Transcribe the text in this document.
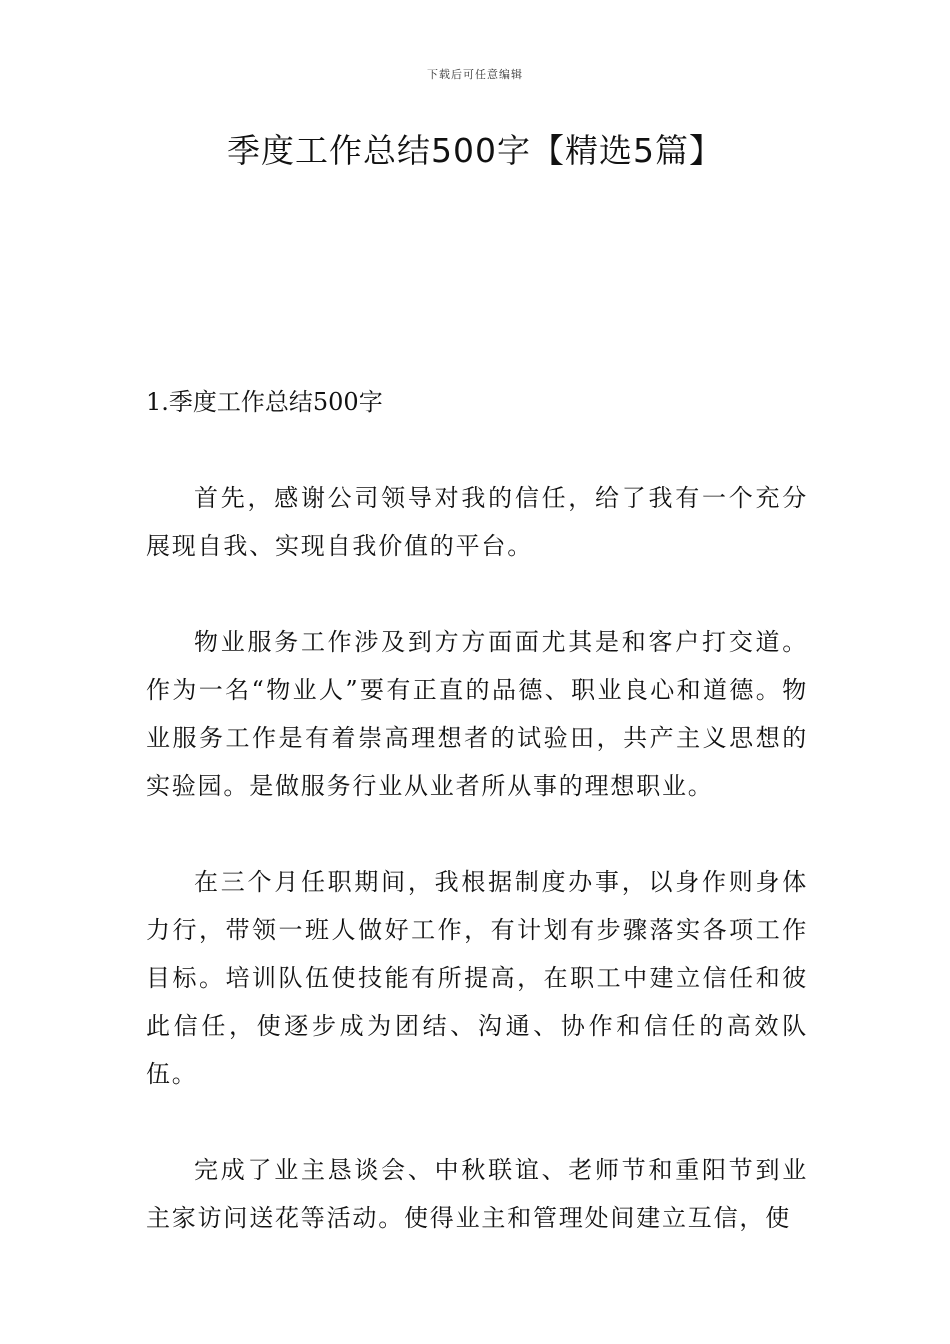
下载后可任意编辑
季度工作总结500字【精选5篇】
1.季度工作总结500字

首先，感谢公司领导对我的信任，给了我有一个充分展现自我、实现自我价值的平台。

物业服务工作涉及到方方面面尤其是和客户打交道。作为一名“物业人”要有正直的品德、职业良心和道德。物业服务工作是有着崇高理想者的试验田，共产主义思想的实验园。是做服务行业从业者所从事的理想职业。

在三个月任职期间，我根据制度办事，以身作则身体力行，带领一班人做好工作，有计划有步骤落实各项工作目标。培训队伍使技能有所提高，在职工中建立信任和彼此信任，使逐步成为团结、沟通、协作和信任的高效队伍。

完成了业主恳谈会、中秋联谊、老师节和重阳节到业主家访问送花等活动。使得业主和管理处间建立互信，使
